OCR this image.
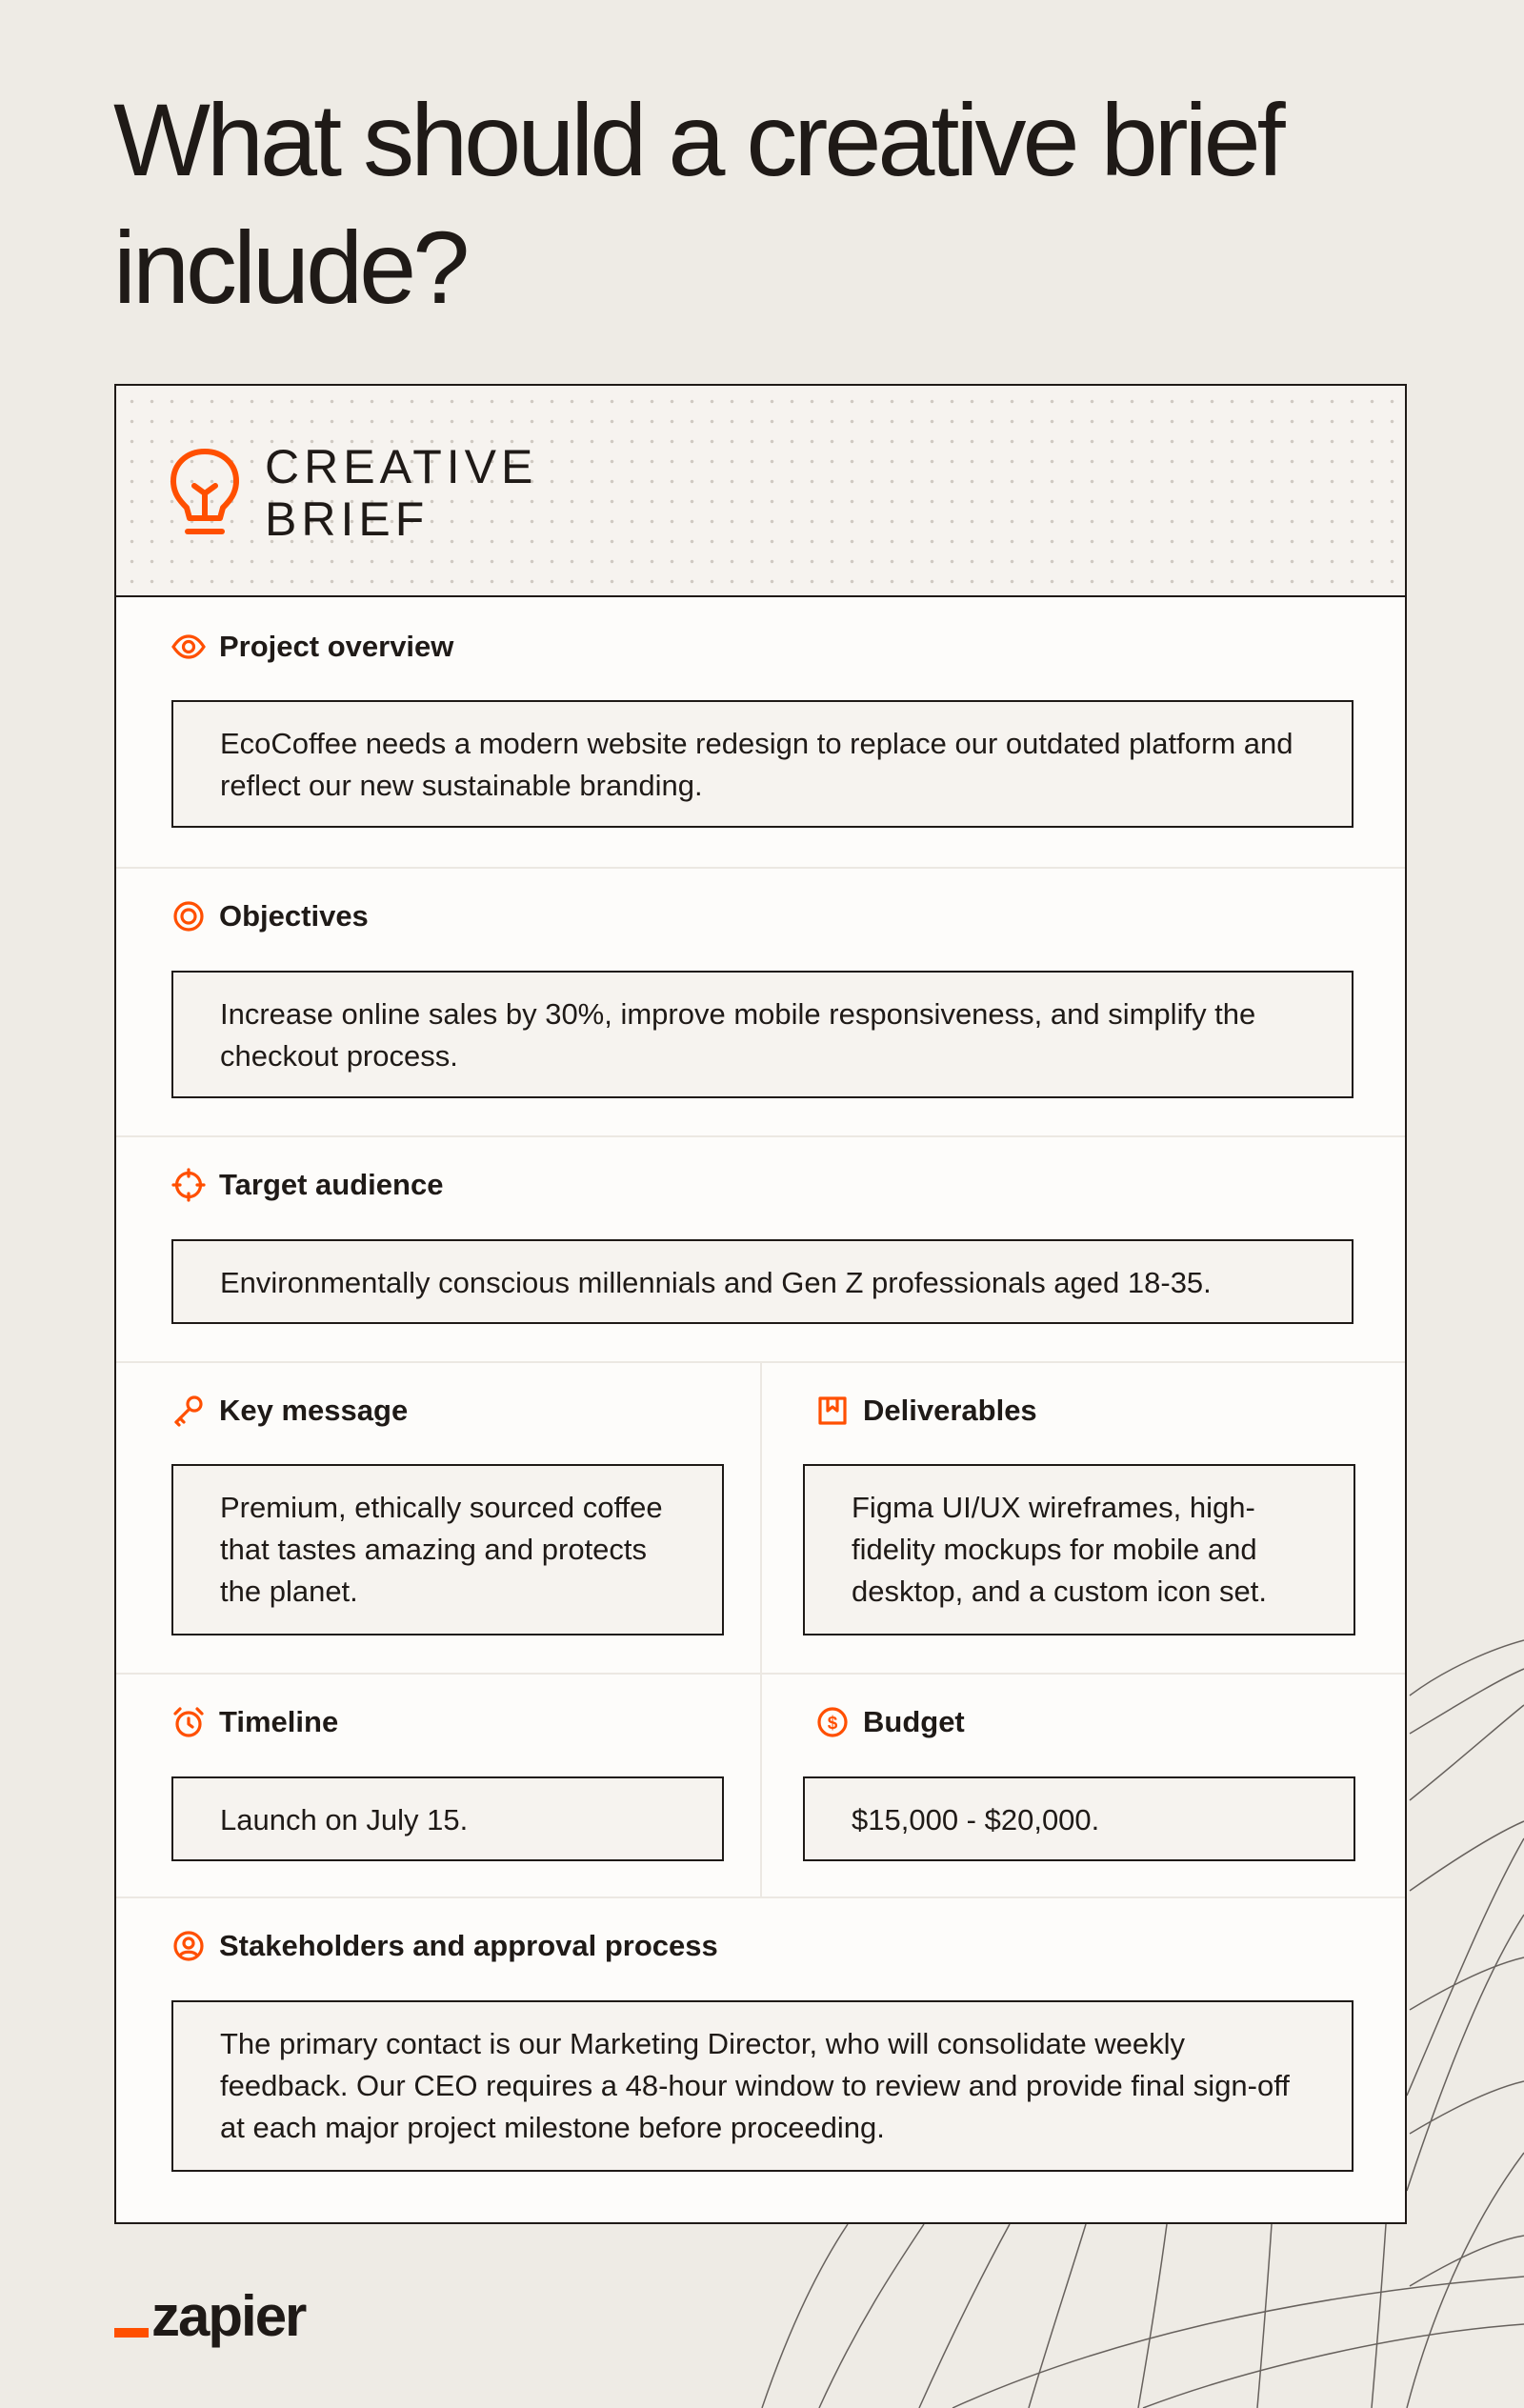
What should a creative brief include?
CREATIVE
BRIEF
Project overview
EcoCoffee needs a modern website redesign to replace our outdated platform and reflect our new sustainable branding.
Objectives
Increase online sales by 30%, improve mobile responsiveness, and simplify the checkout process.
Target audience
Environmentally conscious millennials and Gen Z professionals aged 18-35.
Key message
Premium, ethically sourced coffee that tastes amazing and protects the planet.
Deliverables
Figma UI/UX wireframes, high-fidelity mockups for mobile and desktop, and a custom icon set.
Timeline
Launch on July 15.
$ Budget
$15,000 - $20,000.
Stakeholders and approval process
The primary contact is our Marketing Director, who will consolidate weekly feedback. Our CEO requires a 48-hour window to review and provide final sign-off at each major project milestone before proceeding.
zapier
